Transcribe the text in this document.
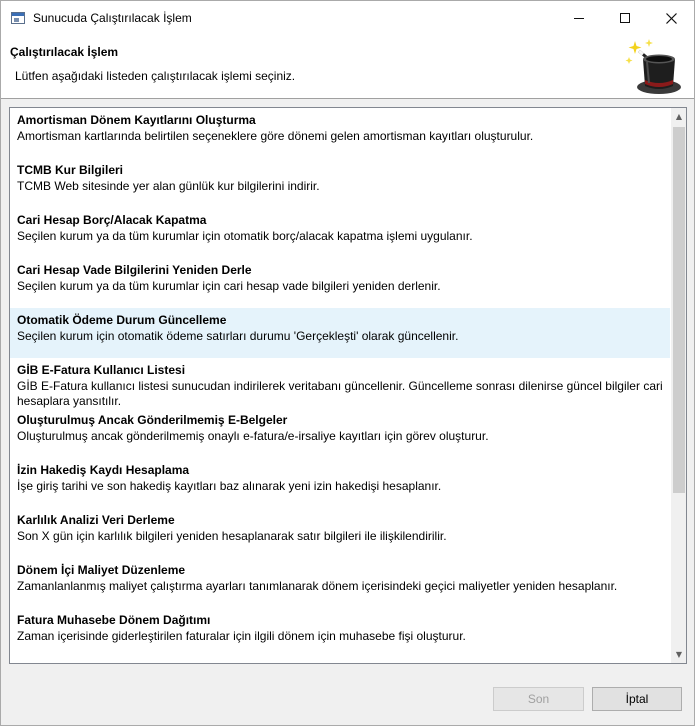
Sunucuda Çalıştırılacak İşlem
Çalıştırılacak İşlem
Lütfen aşağıdaki listeden çalıştırılacak işlemi seçiniz.
Amortisman Dönem Kayıtlarını Oluşturma
Amortisman kartlarında belirtilen seçeneklere göre dönemi gelen amortisman kayıtları oluşturulur.
TCMB Kur Bilgileri
TCMB Web sitesinde yer alan günlük kur bilgilerini indirir.
Cari Hesap Borç/Alacak Kapatma
Seçilen kurum ya da tüm kurumlar için otomatik borç/alacak kapatma işlemi uygulanır.
Cari Hesap Vade Bilgilerini Yeniden Derle
Seçilen kurum ya da tüm kurumlar için cari hesap vade bilgileri yeniden derlenir.
Otomatik Ödeme Durum Güncelleme
Seçilen kurum için otomatik ödeme satırları durumu 'Gerçekleşti' olarak güncellenir.
GİB E-Fatura Kullanıcı Listesi
GİB E-Fatura kullanıcı listesi sunucudan indirilerek veritabanı güncellenir. Güncelleme sonrası dilenirse güncel bilgiler cari hesaplara yansıtılır.
Oluşturulmuş Ancak Gönderilmemiş E-Belgeler
Oluşturulmuş ancak gönderilmemiş onaylı e-fatura/e-irsaliye kayıtları için görev oluşturur.
İzin Hakediş Kaydı Hesaplama
İşe giriş tarihi ve son hakediş kayıtları baz alınarak yeni izin hakedişi hesaplanır.
Karlılık Analizi Veri Derleme
Son X gün için karlılık bilgileri yeniden hesaplanarak satır bilgileri ile ilişkilendirilir.
Dönem İçi Maliyet Düzenleme
Zamanlanlanmış maliyet çalıştırma ayarları tanımlanarak dönem içerisindeki geçici maliyetler yeniden hesaplanır.
Fatura Muhasebe Dönem Dağıtımı
Zaman içerisinde giderleştirilen faturalar için ilgili dönem için muhasebe fişi oluşturur.
▲
▼
Son	İptal
